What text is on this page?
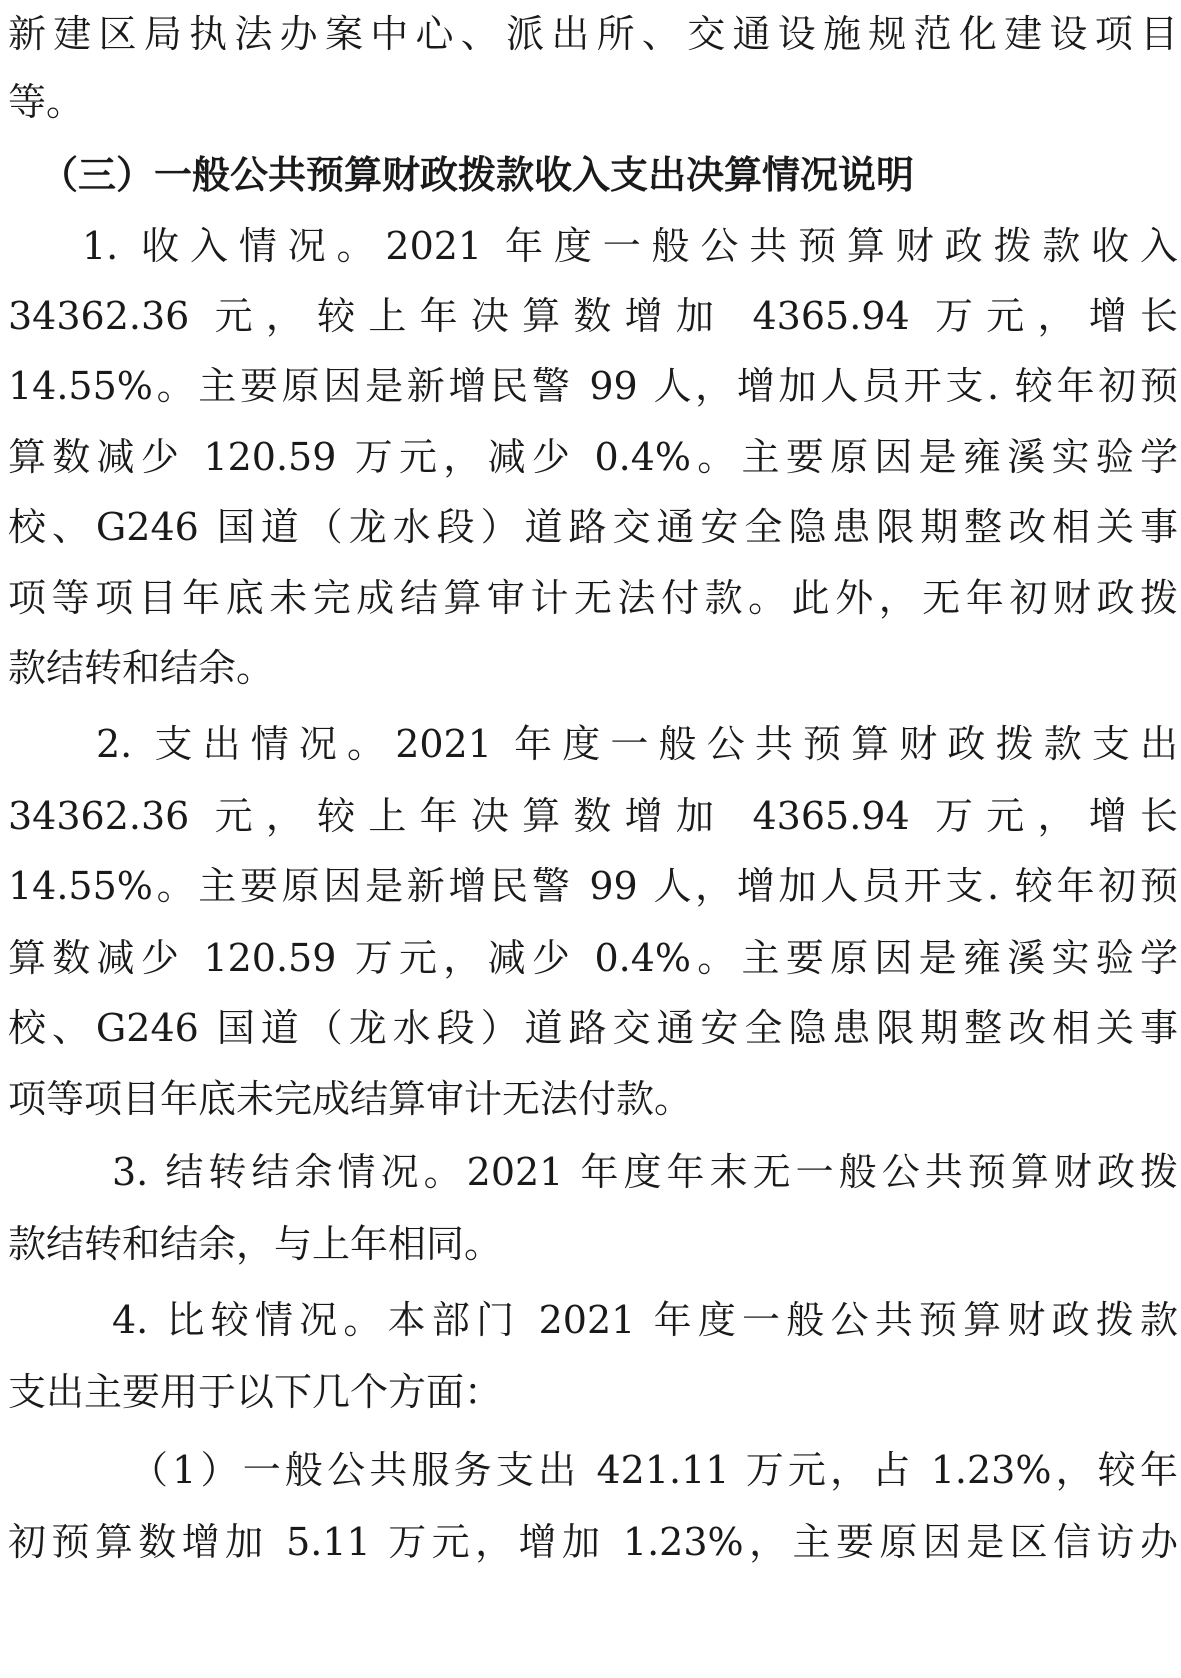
新建区局执法办案中心、派出所、交通设施规范化建设项目
等。
（三）一般公共预算财政拨款收入支出决算情况说明
1. 收入情况。2021 年度一般公共预算财政拨款收入
34362.36 元，较上年决算数增加 4365.94 万元，增长
14.55%。主要原因是新增民警 99 人，增加人员开支. 较年初预
算数减少 120.59 万元，减少 0.4%。主要原因是雍溪实验学
校、G246 国道（龙水段）道路交通安全隐患限期整改相关事
项等项目年底未完成结算审计无法付款。此外，无年初财政拨
款结转和结余。
2. 支出情况。2021 年度一般公共预算财政拨款支出
34362.36 元，较上年决算数增加 4365.94 万元，增长
14.55%。主要原因是新增民警 99 人，增加人员开支. 较年初预
算数减少 120.59 万元，减少 0.4%。主要原因是雍溪实验学
校、G246 国道（龙水段）道路交通安全隐患限期整改相关事
项等项目年底未完成结算审计无法付款。
3. 结转结余情况。2021 年度年末无一般公共预算财政拨
款结转和结余，与上年相同。
4. 比较情况。本部门 2021 年度一般公共预算财政拨款
支出主要用于以下几个方面：
（1）一般公共服务支出 421.11 万元，占 1.23%，较年
初预算数增加 5.11 万元，增加 1.23%，主要原因是区信访办
